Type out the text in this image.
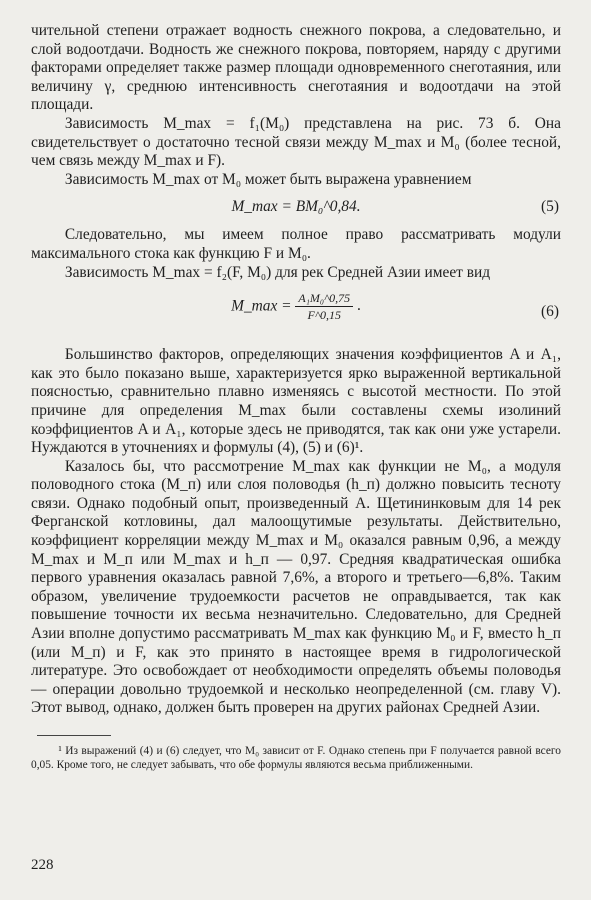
чительной степени отражает водность снежного покрова, а следовательно, и слой водоотдачи. Водность же снежного покрова, повторяем, наряду с другими факторами определяет также размер площади одновременного снеготаяния, или величину γ, среднюю интенсивность снеготаяния и водоотдачи на этой площади.

Зависимость M_max = f₁(M₀) представлена на рис. 73 б. Она свидетельствует о достаточно тесной связи между M_max и M₀ (более тесной, чем связь между M_max и F).

Зависимость M_max от M₀ может быть выражена уравнением

M_max = BM₀^0,84.	(5)

Следовательно, мы имеем полное право рассматривать модули максимального стока как функцию F и M₀.

Зависимость M_max = f₂(F, M₀) для рек Средней Азии имеет вид

M_max = $\frac{\text{A₁M₀\textasciicircum{}0,75}}{F\^{}0,15}$ .	(6)

Большинство факторов, определяющих значения коэффициентов A и A₁, как это было показано выше, характеризуется ярко выраженной вертикальной поясностью, сравнительно плавно изменяясь с высотой местности. По этой причине для определения M_max были составлены схемы изолиний коэффициентов A и A₁, которые здесь не приводятся, так как они уже устарели. Нуждаются в уточнениях и формулы (4), (5) и (6)¹.

Казалось бы, что рассмотрение M_max как функции не M₀, а модуля половодного стока (M_п) или слоя половодья (h_п) должно повысить тесноту связи. Однако подобный опыт, произведенный А. Щетининковым для 14 рек Ферганской котловины, дал малоощутимые результаты. Действительно, коэффициент корреляции между M_max и M₀ оказался равным 0,96, а между M_max и M_п или M_max и h_п — 0,97. Средняя квадратическая ошибка первого уравнения оказалась равной 7,6%, а второго и третьего—6,8%. Таким образом, увеличение трудоемкости расчетов не оправдывается, так как повышение точности их весьма незначительно. Следовательно, для Средней Азии вполне допустимо рассматривать M_max как функцию M₀ и F, вместо h_п (или M_п) и F, как это принято в настоящее время в гидрологической литературе. Это освобождает от необходимости определять объемы половодья — операции довольно трудоемкой и несколько неопределенной (см. главу V). Этот вывод, однако, должен быть проверен на других районах Средней Азии.

¹ Из выражений (4) и (6) следует, что M₀ зависит от F. Однако степень при F получается равной всего 0,05. Кроме того, не следует забывать, что обе формулы являются весьма приближенными.

228
